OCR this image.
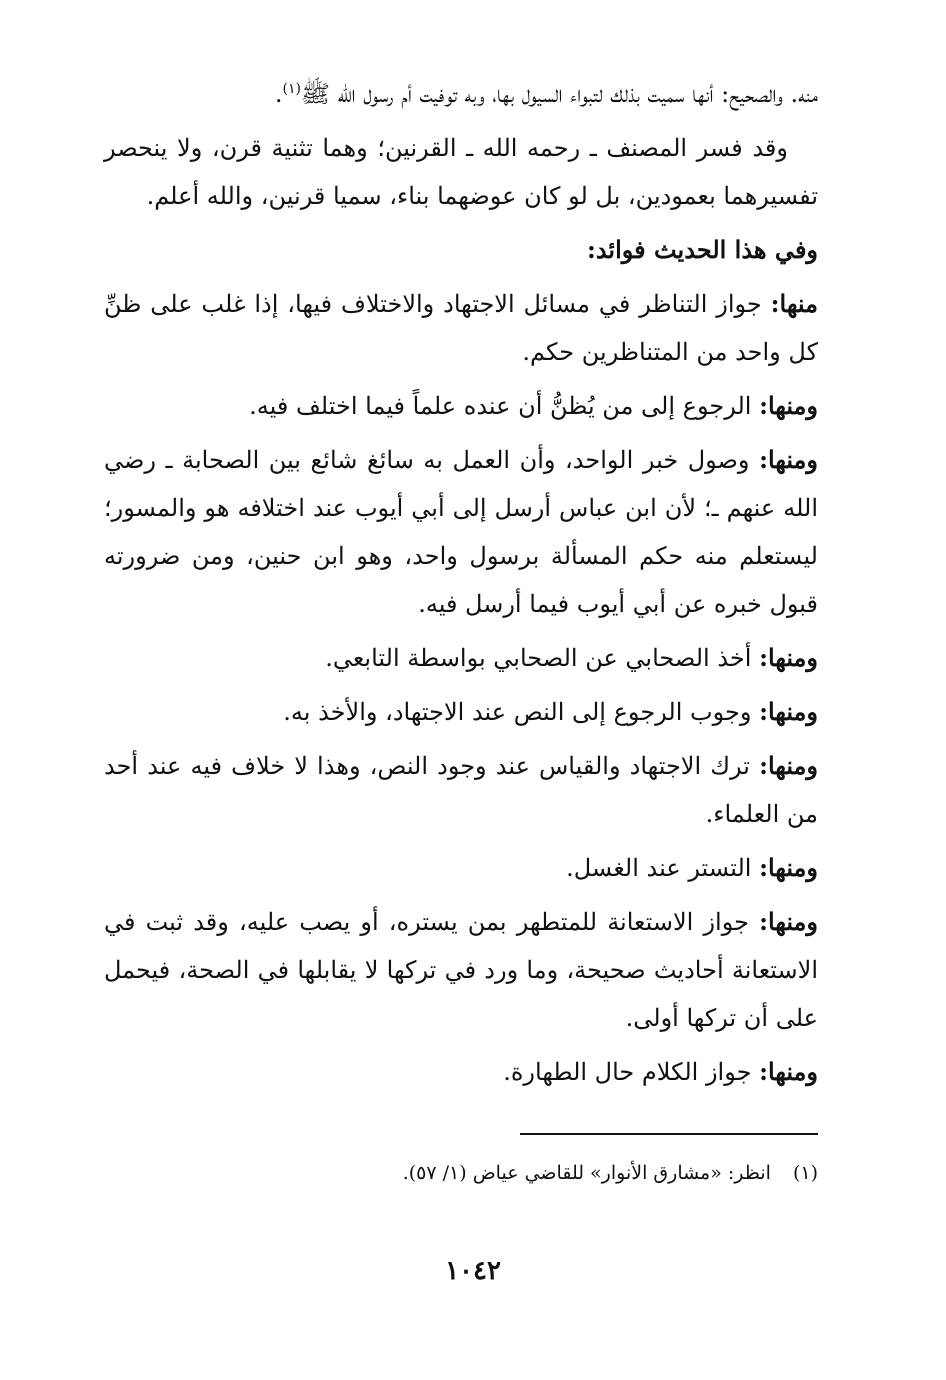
منه. والصحيح: أنها سميت بذلك لتبواء السيول بها، وبه توفيت أم رسول الله ﷺ$^{(١)}$.

وقد فسر المصنف ـ رحمه الله ـ القرنين؛ وهما تثنية قرن، ولا ينحصر تفسيرهما بعمودين، بل لو كان عوضهما بناء، سميا قرنين، والله أعلم.

وفي هذا الحديث فوائد:

منها: جواز التناظر في مسائل الاجتهاد والاختلاف فيها، إذا غلب على ظنِّ كل واحد من المتناظرين حكم.

ومنها: الرجوع إلى من يُظنُّ أن عنده علماً فيما اختلف فيه.

ومنها: وصول خبر الواحد، وأن العمل به سائغ شائع بين الصحابة ـ رضي الله عنهم ـ؛ لأن ابن عباس أرسل إلى أبي أيوب عند اختلافه هو والمسور؛ ليستعلم منه حكم المسألة برسول واحد، وهو ابن حنين، ومن ضرورته قبول خبره عن أبي أيوب فيما أرسل فيه.

ومنها: أخذ الصحابي عن الصحابي بواسطة التابعي.

ومنها: وجوب الرجوع إلى النص عند الاجتهاد، والأخذ به.

ومنها: ترك الاجتهاد والقياس عند وجود النص، وهذا لا خلاف فيه عند أحد من العلماء.

ومنها: التستر عند الغسل.

ومنها: جواز الاستعانة للمتطهر بمن يستره، أو يصب عليه، وقد ثبت في الاستعانة أحاديث صحيحة، وما ورد في تركها لا يقابلها في الصحة، فيحمل على أن تركها أولى.

ومنها: جواز الكلام حال الطهارة.

(١)انظر: «مشارق الأنوار» للقاضي عياض (١/ ٥٧).
١٠٤٢
